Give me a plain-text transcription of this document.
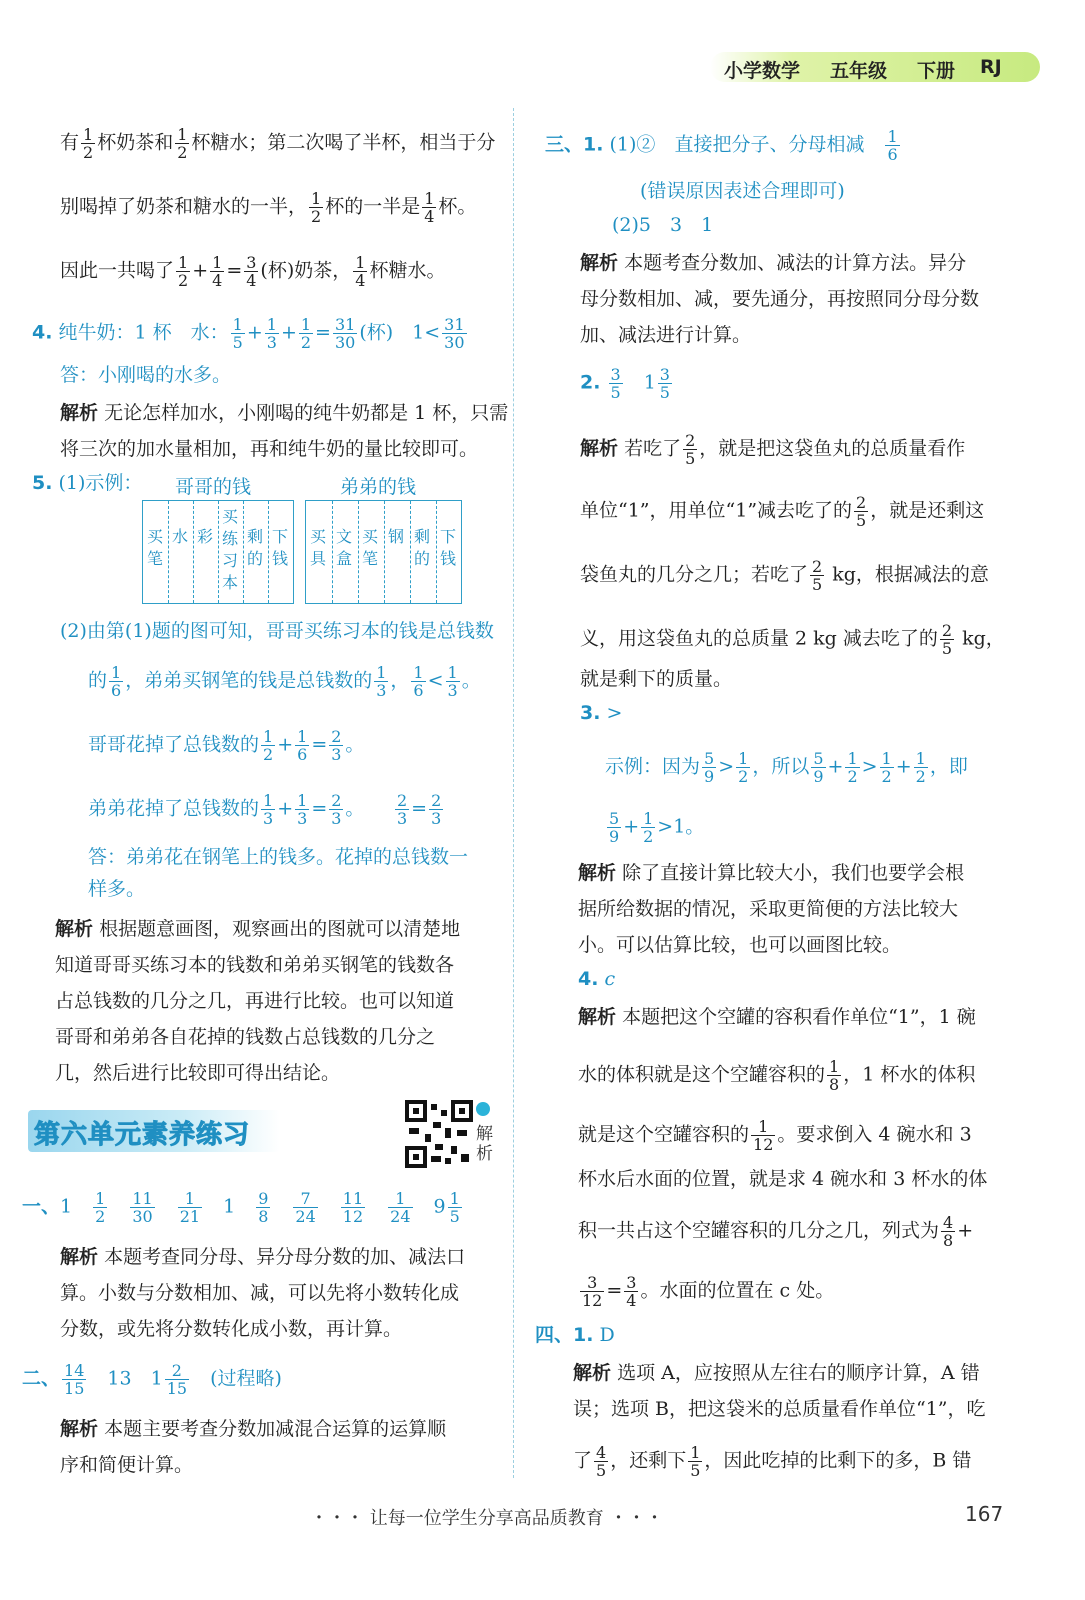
小学数学 五年级 下册 RJ
有 $\frac{1}{2}$ 杯奶茶和 $\frac{1}{2}$ 杯糖水；第二次喝了半杯，相当于分
别喝掉了奶茶和糖水的一半， $\frac{1}{2}$ 杯的一半是 $\frac{1}{4}$ 杯。
因此一共喝了 $\frac{1}{2} + \frac{1}{4} = \frac{3}{4}$ (杯)奶茶， $\frac{1}{4}$ 杯糖水。
4. 纯牛奶：1 杯　水： $\frac{1}{5} + \frac{1}{3} + \frac{1}{2} = \frac{31}{30}$ (杯)　$1< \frac{31}{30}$
答：小刚喝的水多。
解析 无论怎样加水，小刚喝的纯牛奶都是 1 杯，只需
将三次的加水量相加，再和纯牛奶的量比较即可。
5. (1)示例： 哥哥的钱	弟弟的钱
买笔
水 彩
买练习本
剩的
下钱
买具
文盒
买笔
钢 剩的
下钱
(2)由第(1)题的图可知，哥哥买练习本的钱是总钱数
的 $\frac{1}{6}$ ，弟弟买钢笔的钱是总钱数的 $\frac{1}{3}$ ， $\frac{1}{6} < \frac{1}{3}$ 。
哥哥花掉了总钱数的 $\frac{1}{2} + \frac{1}{6} = \frac{2}{3}$ 。
弟弟花掉了总钱数的 $\frac{1}{3} + \frac{1}{3} = \frac{2}{3}$ 。　　	$\frac{2}{3} = \frac{2}{3}$
答：弟弟花在钢笔上的钱多。花掉的总钱数一
样多。
解析 根据题意画图，观察画出的图就可以清楚地
知道哥哥买练习本的钱数和弟弟买钢笔的钱数各
占总钱数的几分之几，再进行比较。也可以知道
哥哥和弟弟各自花掉的钱数占总钱数的几分之
几，然后进行比较即可得出结论。
第六单元素养练习	解析
一、1　 $\frac{1}{2}$
　 $\frac{11}{30}$
　 $\frac{1}{21}$
　 1　 $\frac{9}{8}$
　 $\frac{7}{24}$
　 $\frac{11}{12}$
　 $\frac{1}{24}$
　 $9 \frac{1}{5}$
解析 本题考查同分母、异分母分数的加、减法口
算。小数与分数相加、减，可以先将小数转化成
分数，或先将分数转化成小数，再计算。
二、 $\frac{14}{15}$
　 13　 $1 \frac{2}{15}$
　 (过程略)
解析 本题主要考查分数加减混合运算的运算顺
序和简便计算。
三、1. (1)②　 直接把分子、分母相减　 $\frac{1}{6}$
(错误原因表述合理即可)
(2)5　3　1
解析 本题考查分数加、减法的计算方法。异分
母分数相加、减，要先通分，再按照同分母分数
加、减法进行计算。
2. $\frac{3}{5}$
　 $1 \frac{3}{5}$
解析 若吃了 $\frac{2}{5}$ ，就是把这袋鱼丸的总质量看作
单位“1”，用单位“1”减去吃了的 $\frac{2}{5}$ ，就是还剩这
袋鱼丸的几分之几；若吃了 $\frac{2}{5}$ kg，根据减法的意
义，用这袋鱼丸的总质量 2 kg 减去吃了的 $\frac{2}{5}$ kg，
就是剩下的质量。
3. >
示例：因为 $\frac{5}{9} > \frac{1}{2}$ ，所以 $\frac{5}{9} + \frac{1}{2} > \frac{1}{2} + \frac{1}{2}$ ，即
$\frac{5}{9} + \frac{1}{2} >1$。
解析 除了直接计算比较大小，我们也要学会根
据所给数据的情况，采取更简便的方法比较大
小。可以估算比较，也可以画图比较。
4. c
解析 本题把这个空罐的容积看作单位“1”，1 碗
水的体积就是这个空罐容积的 $\frac{1}{8}$ ，1 杯水的体积
就是这个空罐容积的 $\frac{1}{12}$ 。要求倒入 4 碗水和 3
杯水后水面的位置，就是求 4 碗水和 3 杯水的体
积一共占这个空罐容积的几分之几，列式为 $\frac{4}{8}$ +
$\frac{3}{12} = \frac{3}{4}$ 。水面的位置在 c 处。
四、1. D
解析 选项 A，应按照从左往右的顺序计算，A 错
误；选项 B，把这袋米的总质量看作单位“1”，吃
了 $\frac{4}{5}$ ，还剩下 $\frac{1}{5}$ ，因此吃掉的比剩下的多，B 错
・・・ 让每一位学生分享高品质教育 ・・・	167
